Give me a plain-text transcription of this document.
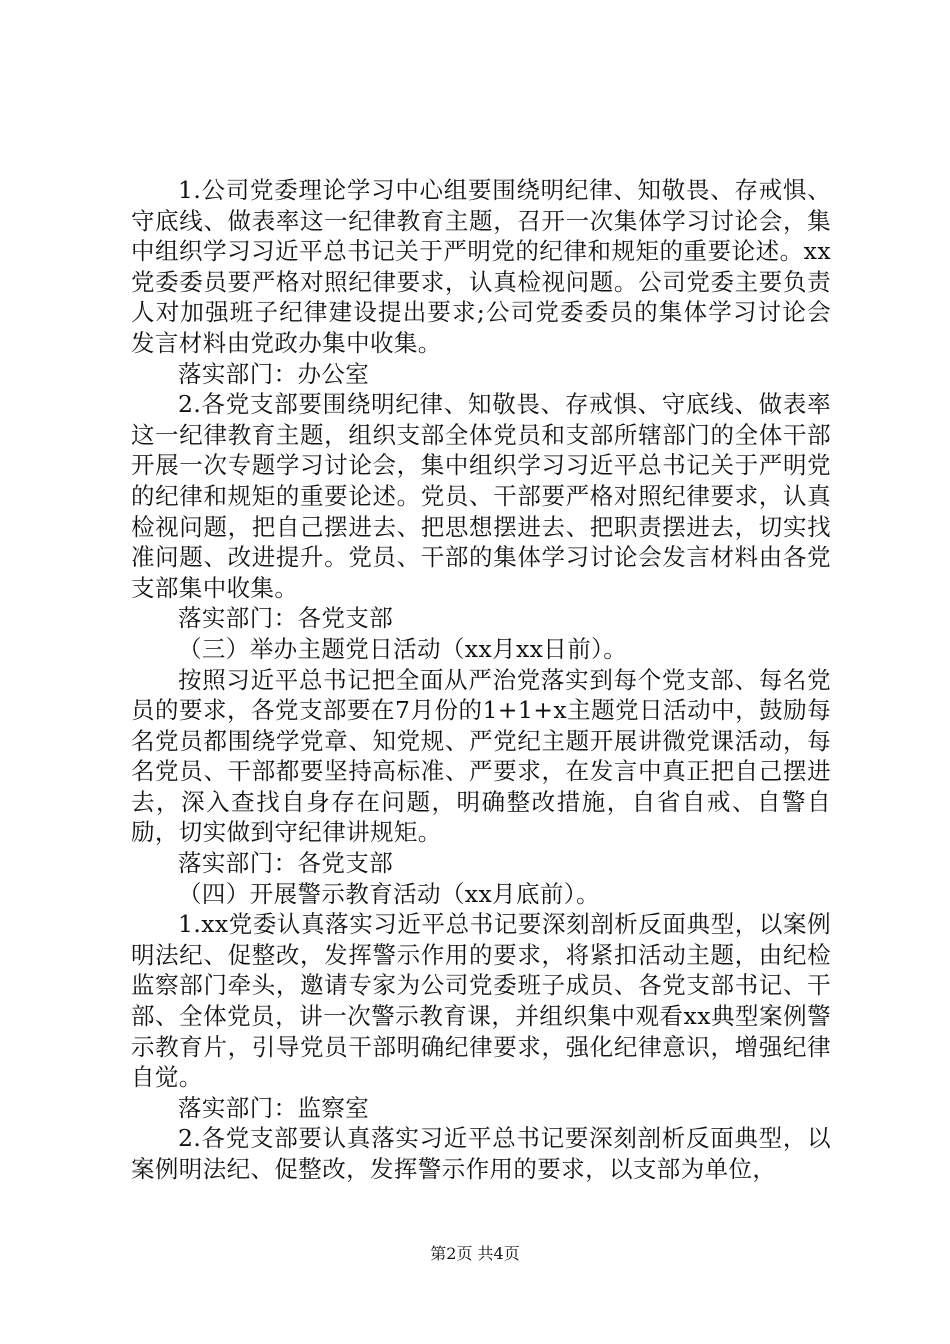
1.公司党委理论学习中心组要围绕明纪律、知敬畏、存戒惧、守底线、做表率这一纪律教育主题，召开一次集体学习讨论会，集中组织学习习近平总书记关于严明党的纪律和规矩的重要论述。xx党委委员要严格对照纪律要求，认真检视问题。公司党委主要负责人对加强班子纪律建设提出要求;公司党委委员的集体学习讨论会发言材料由党政办集中收集。

落实部门：办公室

2.各党支部要围绕明纪律、知敬畏、存戒惧、守底线、做表率这一纪律教育主题，组织支部全体党员和支部所辖部门的全体干部开展一次专题学习讨论会，集中组织学习习近平总书记关于严明党的纪律和规矩的重要论述。党员、干部要严格对照纪律要求，认真检视问题，把自己摆进去、把思想摆进去、把职责摆进去，切实找准问题、改进提升。党员、干部的集体学习讨论会发言材料由各党支部集中收集。

落实部门：各党支部

（三）举办主题党日活动（xx月xx日前）。

按照习近平总书记把全面从严治党落实到每个党支部、每名党员的要求，各党支部要在7月份的1+1+x主题党日活动中，鼓励每名党员都围绕学党章、知党规、严党纪主题开展讲微党课活动，每名党员、干部都要坚持高标准、严要求，在发言中真正把自己摆进去，深入查找自身存在问题，明确整改措施，自省自戒、自警自励，切实做到守纪律讲规矩。

落实部门：各党支部

（四）开展警示教育活动（xx月底前）。

1.xx党委认真落实习近平总书记要深刻剖析反面典型，以案例明法纪、促整改，发挥警示作用的要求，将紧扣活动主题，由纪检监察部门牵头，邀请专家为公司党委班子成员、各党支部书记、干部、全体党员，讲一次警示教育课，并组织集中观看xx典型案例警示教育片，引导党员干部明确纪律要求，强化纪律意识，增强纪律自觉。

落实部门：监察室

2.各党支部要认真落实习近平总书记要深刻剖析反面典型，以案例明法纪、促整改，发挥警示作用的要求，以支部为单位，

第2页 共4页
